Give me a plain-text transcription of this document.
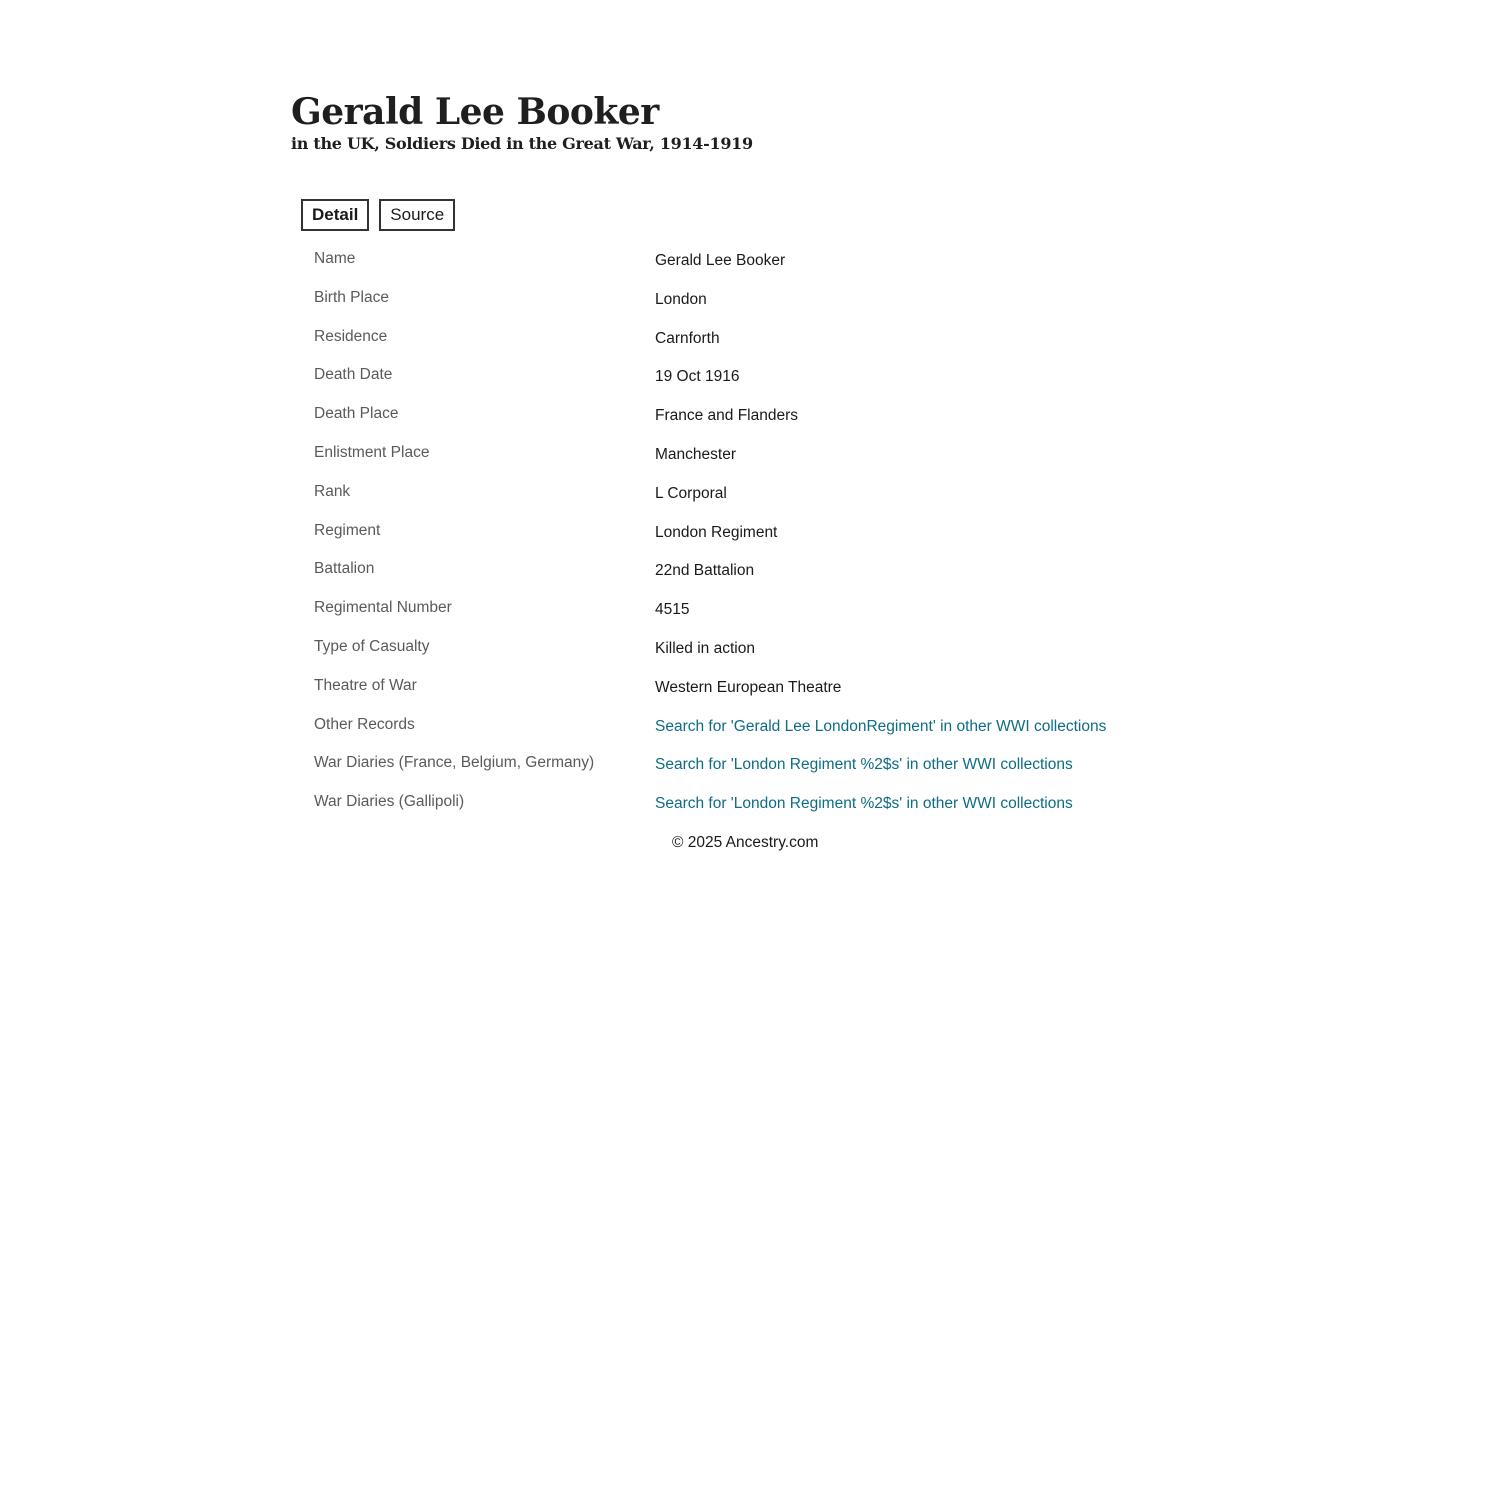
Gerald Lee Booker
in the UK, Soldiers Died in the Great War, 1914-1919
Detail	Source
Name	Gerald Lee Booker
Birth Place	London
Residence	Carnforth
Death Date	19 Oct 1916
Death Place	France and Flanders
Enlistment Place	Manchester
Rank	L Corporal
Regiment	London Regiment
Battalion	22nd Battalion
Regimental Number	4515
Type of Casualty	Killed in action
Theatre of War	Western European Theatre
Other Records	Search for 'Gerald Lee LondonRegiment' in other WWI collections
War Diaries (France, Belgium, Germany)	Search for 'London Regiment %2$s' in other WWI collections
War Diaries (Gallipoli)	Search for 'London Regiment %2$s' in other WWI collections
© 2025 Ancestry.com
